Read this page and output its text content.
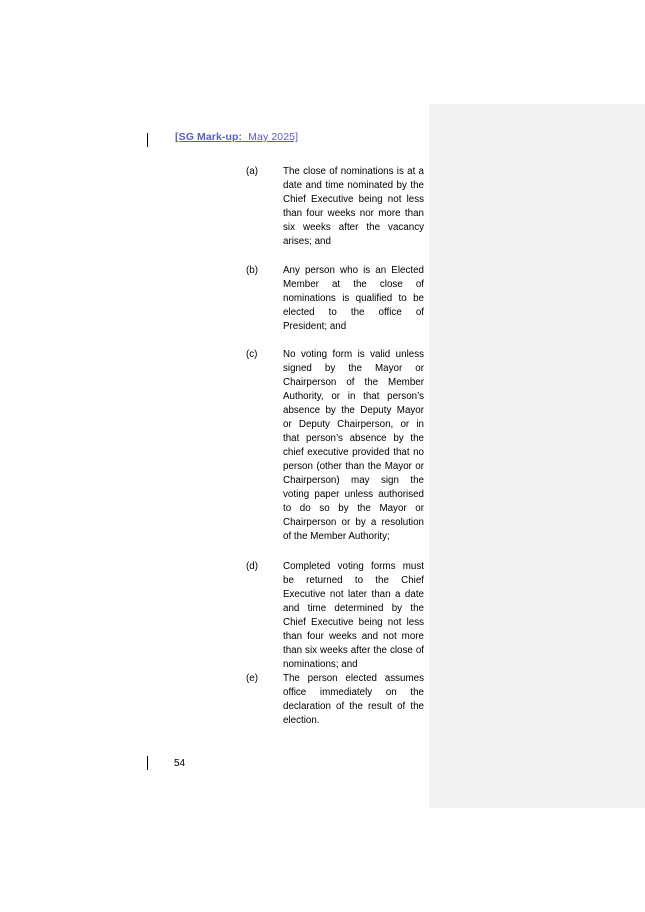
[SG Mark-up: May 2025]
(a)	The close of nominations is at a date and time nominated by the Chief Executive being not less than four weeks nor more than six weeks after the vacancy arises; and
(b)	Any person who is an Elected Member at the close of nominations is qualified to be elected to the office of President; and
(c)	No voting form is valid unless signed by the Mayor or Chairperson of the Member Authority, or in that person’s absence by the Deputy Mayor or Deputy Chairperson, or in that person’s absence by the chief executive provided that no person (other than the Mayor or Chairperson) may sign the voting paper unless authorised to do so by the Mayor or Chairperson or by a resolution of the Member Authority;
(d)	Completed voting forms must be returned to the Chief Executive not later than a date and time determined by the Chief Executive being not less than four weeks and not more than six weeks after the close of nominations; and
(e)	The person elected assumes office immediately on the declaration of the result of the election.
54
